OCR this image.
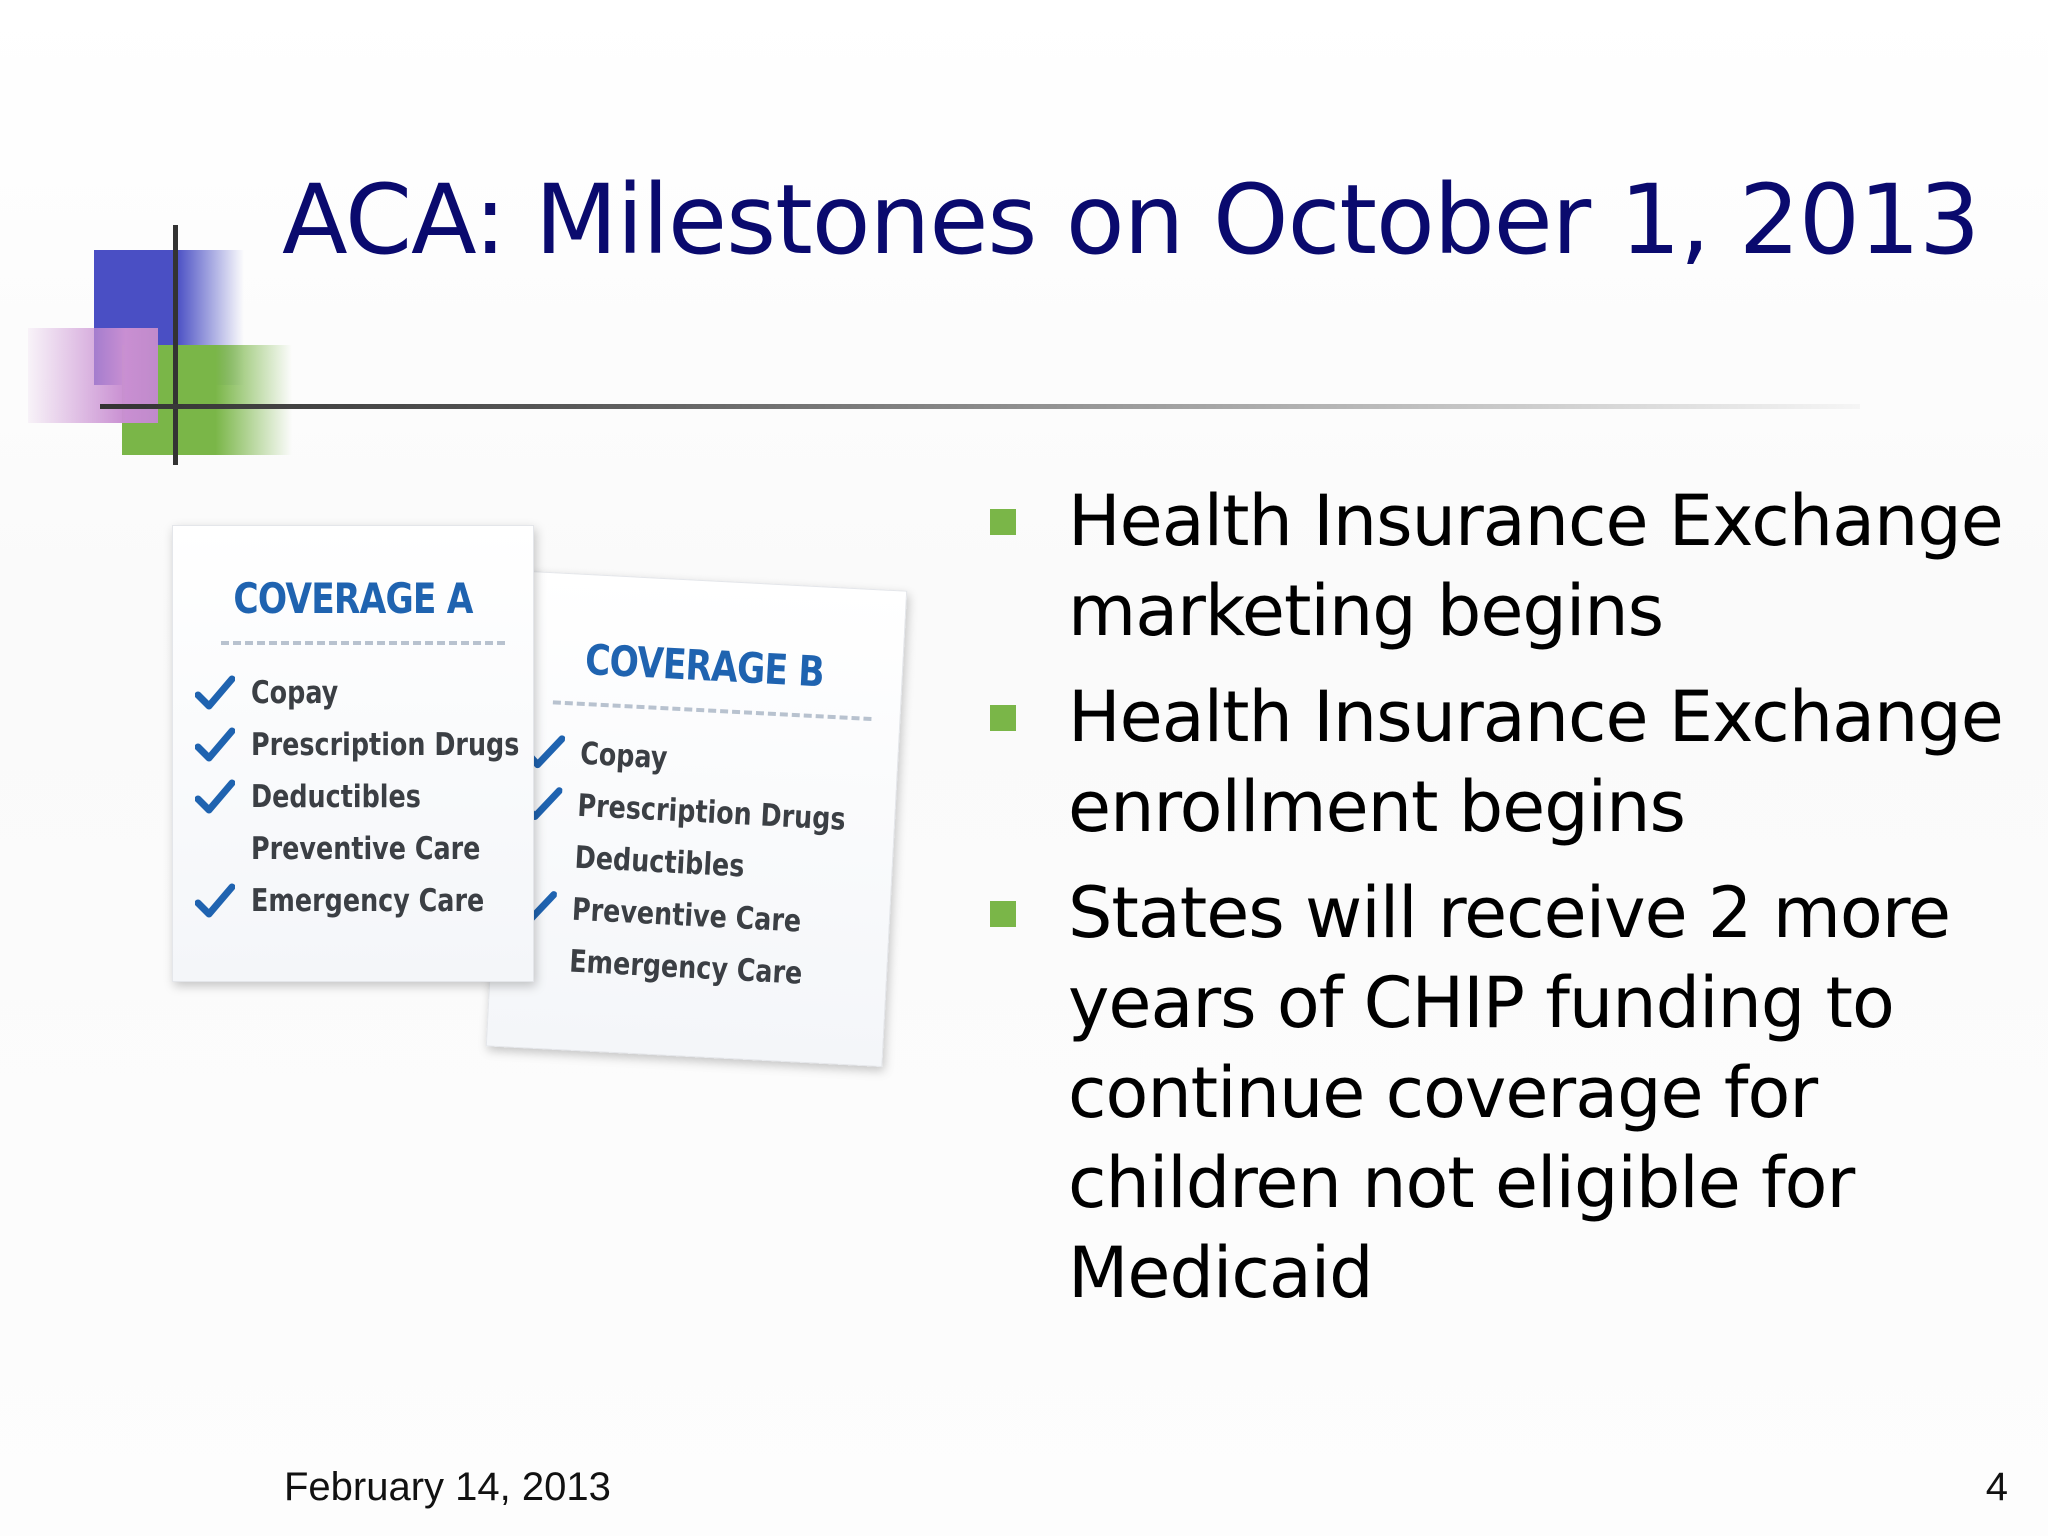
ACA: Milestones on October 1, 2013
COVERAGE B
Copay
Prescription Drugs
Deductibles
Preventive Care
Emergency Care
COVERAGE A
Copay
Prescription Drugs
Deductibles
Preventive Care
Emergency Care
Health Insurance Exchange
marketing begins
Health Insurance Exchange
enrollment begins
States will receive 2 more
years of CHIP funding to
continue coverage for
children not eligible for
Medicaid
February 14, 2013	4
